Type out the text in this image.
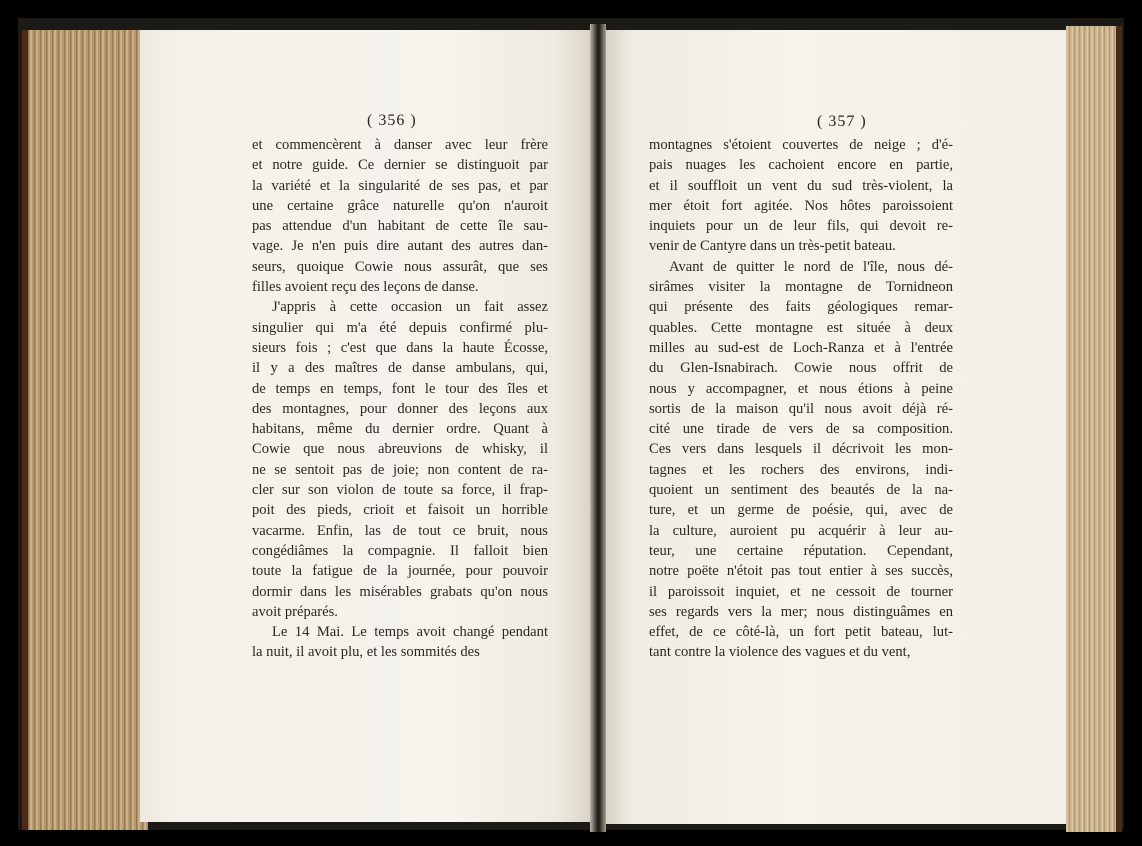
( 356 )	( 357 )
et commencèrent à danser avec leur frère
et notre guide. Ce dernier se distinguoit par
la variété et la singularité de ses pas, et par
une certaine grâce naturelle qu'on n'auroit
pas attendue d'un habitant de cette île sau-
vage. Je n'en puis dire autant des autres dan-
seurs, quoique Cowie nous assurât, que ses
filles avoient reçu des leçons de danse.
J'appris à cette occasion un fait assez
singulier qui m'a été depuis confirmé plu-
sieurs fois ; c'est que dans la haute Écosse,
il y a des maîtres de danse ambulans, qui,
de temps en temps, font le tour des îles et
des montagnes, pour donner des leçons aux
habitans, même du dernier ordre. Quant à
Cowie que nous abreuvions de whisky, il
ne se sentoit pas de joie; non content de ra-
cler sur son violon de toute sa force, il frap-
poit des pieds, crioit et faisoit un horrible
vacarme. Enfin, las de tout ce bruit, nous
congédiâmes la compagnie. Il falloit bien
toute la fatigue de la journée, pour pouvoir
dormir dans les misérables grabats qu'on nous
avoit préparés.
Le 14 Mai. Le temps avoit changé pendant
la nuit, il avoit plu, et les sommités des
montagnes s'étoient couvertes de neige ; d'é-
pais nuages les cachoient encore en partie,
et il souffloit un vent du sud très-violent, la
mer étoit fort agitée. Nos hôtes paroissoient
inquiets pour un de leur fils, qui devoit re-
venir de Cantyre dans un très-petit bateau.
Avant de quitter le nord de l'île, nous dé-
sirâmes visiter la montagne de Tornidneon
qui présente des faits géologiques remar-
quables. Cette montagne est située à deux
milles au sud-est de Loch-Ranza et à l'entrée
du Glen-Isnabirach. Cowie nous offrit de
nous y accompagner, et nous étions à peine
sortis de la maison qu'il nous avoit déjà ré-
cité une tirade de vers de sa composition.
Ces vers dans lesquels il décrivoit les mon-
tagnes et les rochers des environs, indi-
quoient un sentiment des beautés de la na-
ture, et un germe de poésie, qui, avec de
la culture, auroient pu acquérir à leur au-
teur, une certaine réputation. Cependant,
notre poëte n'étoit pas tout entier à ses succès,
il paroissoit inquiet, et ne cessoit de tourner
ses regards vers la mer; nous distinguâmes en
effet, de ce côté-là, un fort petit bateau, lut-
tant contre la violence des vagues et du vent,
